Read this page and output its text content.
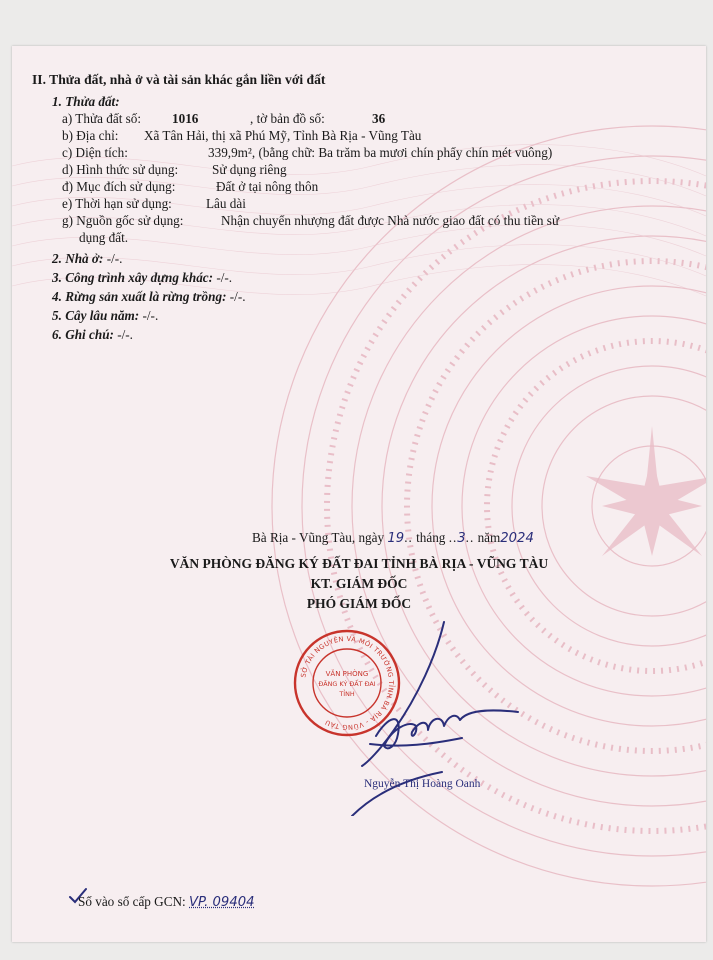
II. Thửa đất, nhà ở và tài sản khác gắn liền với đất
1. Thửa đất:
a) Thửa đất số: 1016	, tờ bản đồ số:	36
b) Địa chỉ: Xã Tân Hải, thị xã Phú Mỹ, Tỉnh Bà Rịa - Vũng Tàu
c) Diện tích:	339,9m², (bằng chữ: Ba trăm ba mươi chín phẩy chín mét vuông)
d) Hình thức sử dụng:	Sử dụng riêng
đ) Mục đích sử dụng:	Đất ở tại nông thôn
e) Thời hạn sử dụng:	Lâu dài
g) Nguồn gốc sử dụng:	Nhận chuyển nhượng đất được Nhà nước giao đất có thu tiền sử
dụng đất.
2. Nhà ở: -/-.
3. Công trình xây dựng khác: -/-.
4. Rừng sản xuất là rừng trồng: -/-.
5. Cây lâu năm: -/-.
6. Ghi chú: -/-.
Bà Rịa - Vũng Tàu, ngày 19.. tháng ..3.. năm2024
VĂN PHÒNG ĐĂNG KÝ ĐẤT ĐAI TỈNH BÀ RỊA - VŨNG TÀU
KT. GIÁM ĐỐC
PHÓ GIÁM ĐỐC
SỞ TÀI NGUYÊN VÀ MÔI TRƯỜNG TỈNH BÀ RỊA - VŨNG TÀU
VĂN PHÒNG
ĐĂNG KÝ ĐẤT ĐAI
TỈNH
Nguyễn Thị Hoàng Oanh
Số vào sổ cấp GCN: VP. 09404
